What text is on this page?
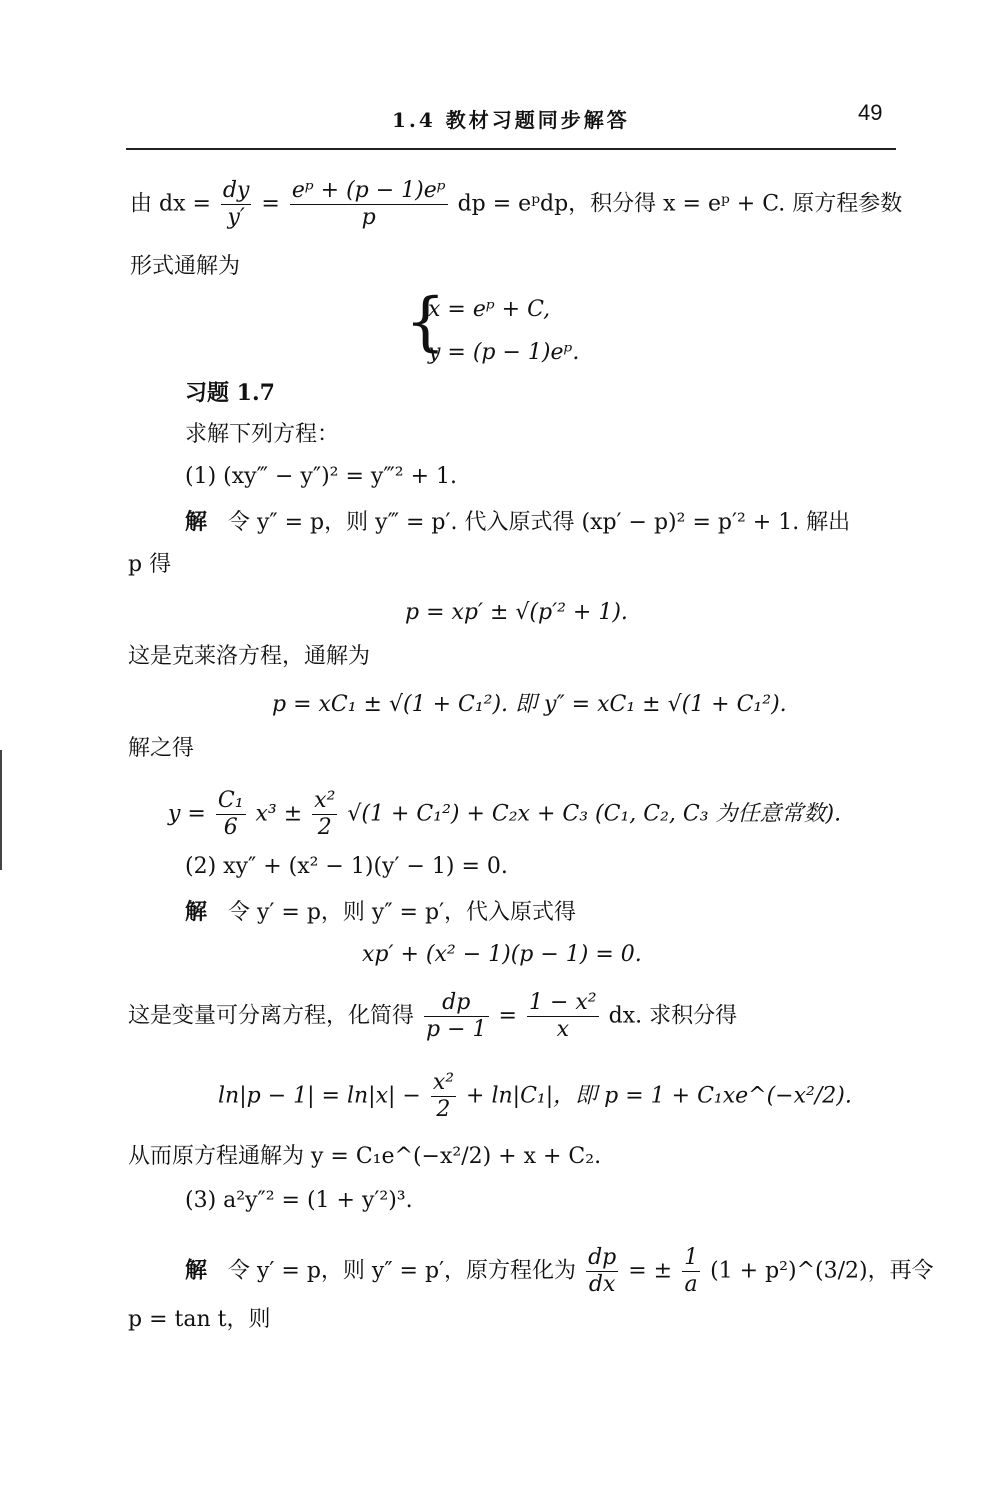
1.4 教材习题同步解答	49
由 dx = $\frac{dy}{y'} = \frac{\text{eᵖ + (p − 1)eᵖ}}{p}$ dp = eᵖdp，积分得 x = eᵖ + C. 原方程参数
形式通解为
{
x = eᵖ + C,
y = (p − 1)eᵖ.
习题 1.7
求解下列方程：
(1) (xy‴ − y″)² = y‴² + 1.
解 令 y″ = p，则 y‴ = p′. 代入原式得 (xp′ − p)² = p′² + 1. 解出
p 得
p = xp′ ± √(p′² + 1).
这是克莱洛方程，通解为
p = xC₁ ± √(1 + C₁²). 即 y″ = xC₁ ± √(1 + C₁²).
解之得
$y = \frac{\text{C₁}}{6} x^3 \pm \frac{\text{x²}}{2} √(1 + C_1^2) + C_2x + C_3$ (C₁, C₂, C₃ 为任意常数).
(2) xy″ + (x² − 1)(y′ − 1) = 0.
解 令 y′ = p，则 y″ = p′，代入原式得
xp′ + (x² − 1)(p − 1) = 0.
这是变量可分离方程，化简得 $\frac{dp}{p - 1} = \frac{\text{1 − x²}}{x}$ dx. 求积分得
$\ln|p - 1| = \ln|x| - \frac{\text{x²}}{2} + \ln|C_1|$，即 p = 1 + C₁xe^(−x²/2).
从而原方程通解为 y = C₁e^(−x²/2) + x + C₂.
(3) a²y″² = (1 + y′²)³.
解 令 y′ = p，则 y″ = p′，原方程化为 $\frac{dp}{dx}$ = ± $\frac{1}{a} (1$ + p²)^(3/2)，再令
p = tan t，则
